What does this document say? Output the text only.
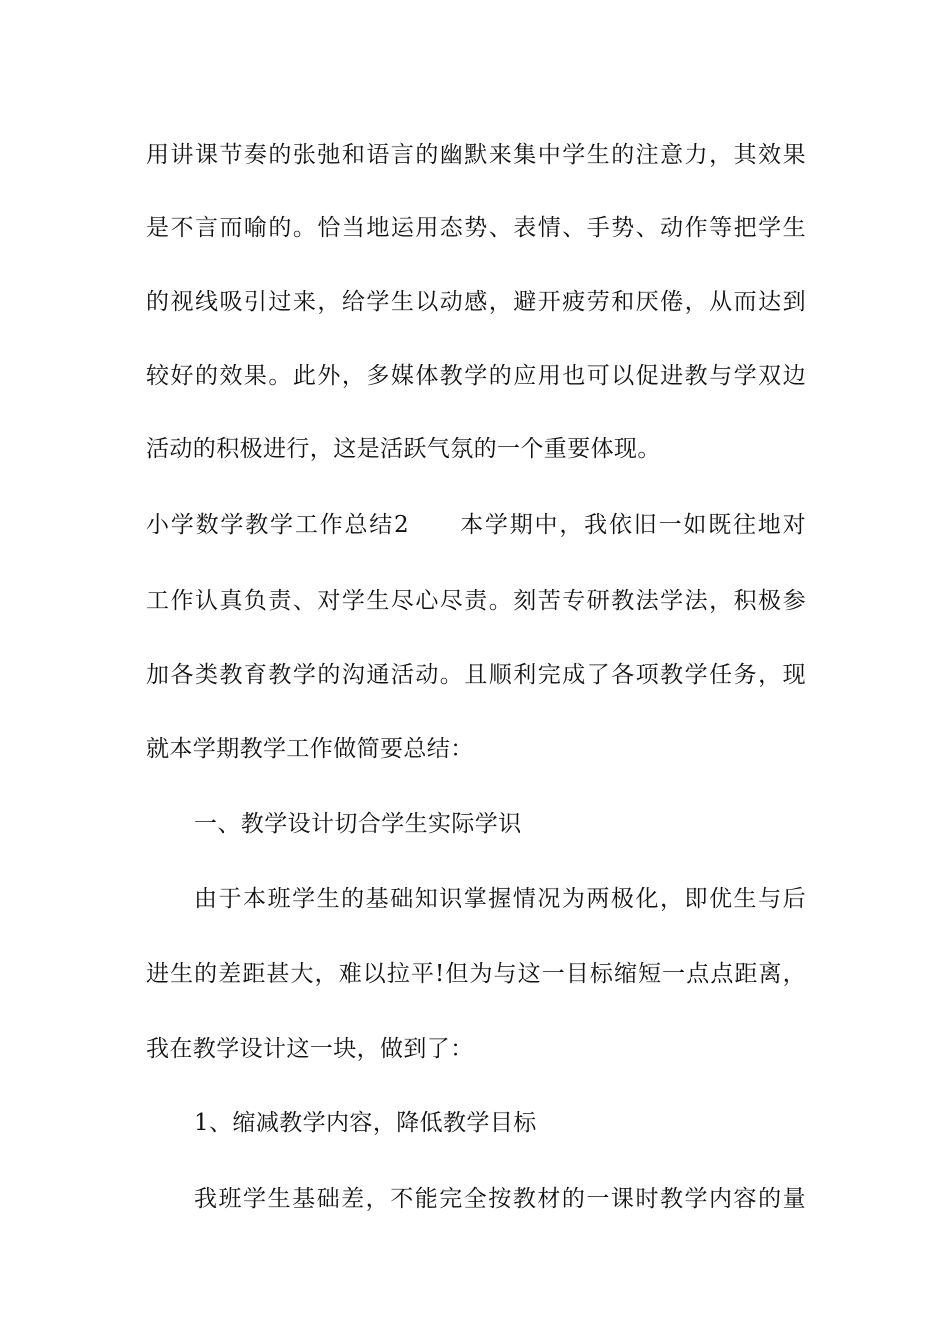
用讲课节奏的张弛和语言的幽默来集中学生的注意力，其效果
是不言而喻的。恰当地运用态势、表情、手势、动作等把学生
的视线吸引过来，给学生以动感，避开疲劳和厌倦，从而达到
较好的效果。此外，多媒体教学的应用也可以促进教与学双边
活动的积极进行，这是活跃气氛的一个重要体现。
小学数学教学工作总结2　　本学期中，我依旧一如既往地对
工作认真负责、对学生尽心尽责。刻苦专研教法学法，积极参
加各类教育教学的沟通活动。且顺利完成了各项教学任务，现
就本学期教学工作做简要总结：
一、教学设计切合学生实际学识
由于本班学生的基础知识掌握情况为两极化，即优生与后
进生的差距甚大，难以拉平!但为与这一目标缩短一点点距离，
我在教学设计这一块，做到了：
1、缩减教学内容，降低教学目标
我班学生基础差，不能完全按教材的一课时教学内容的量
